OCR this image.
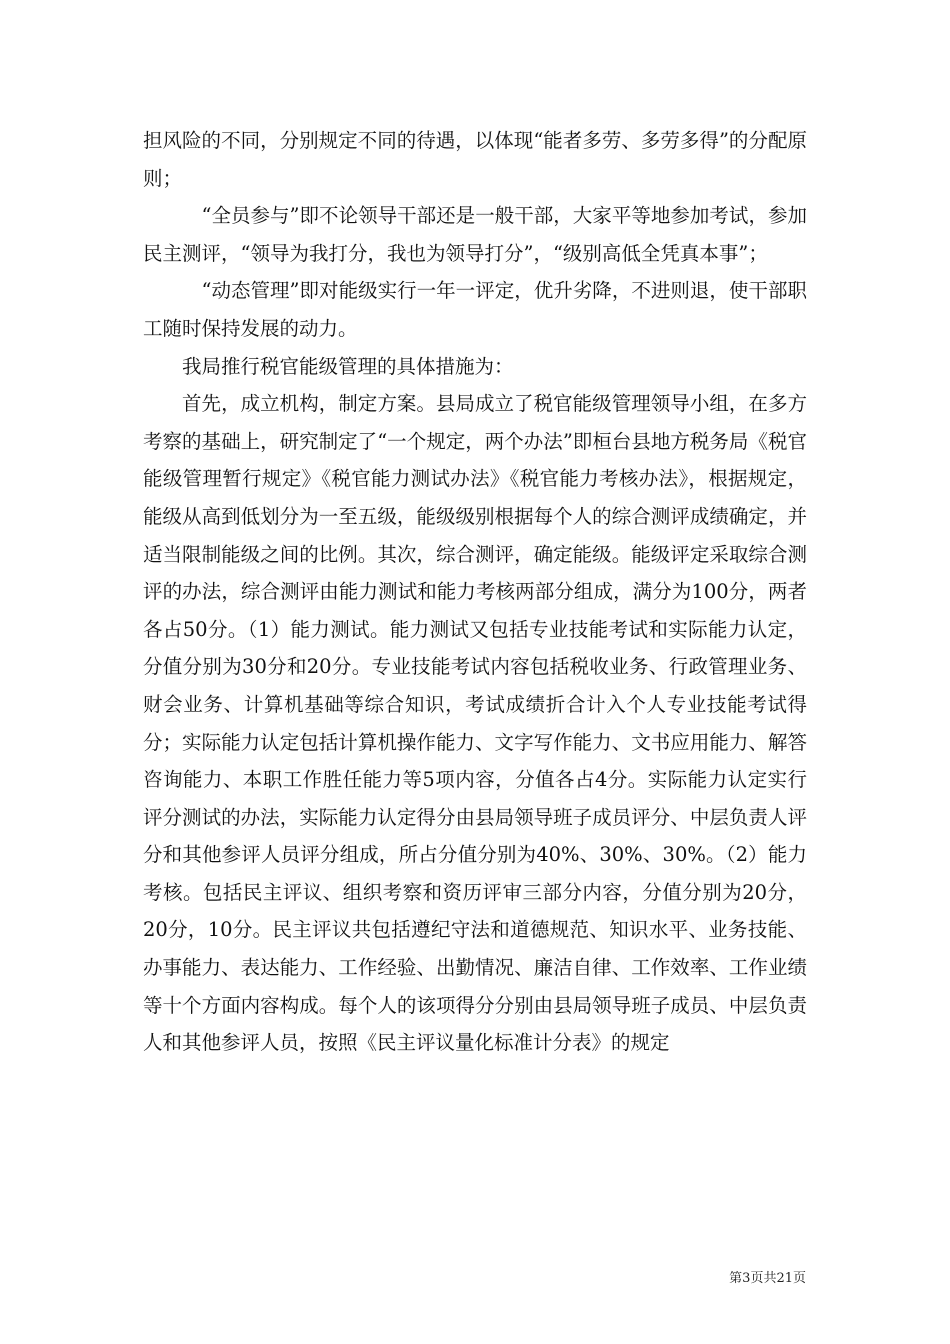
担风险的不同，分别规定不同的待遇，以体现“能者多劳、多劳多得”的分配原则；

“全员参与”即不论领导干部还是一般干部，大家平等地参加考试，参加民主测评，“领导为我打分，我也为领导打分”，“级别高低全凭真本事”；

“动态管理”即对能级实行一年一评定，优升劣降，不进则退，使干部职工随时保持发展的动力。

我局推行税官能级管理的具体措施为：

首先，成立机构，制定方案。县局成立了税官能级管理领导小组，在多方考察的基础上，研究制定了“一个规定，两个办法”即桓台县地方税务局《税官能级管理暂行规定》《税官能力测试办法》《税官能力考核办法》，根据规定，能级从高到低划分为一至五级，能级级别根据每个人的综合测评成绩确定，并适当限制能级之间的比例。其次，综合测评，确定能级。能级评定采取综合测评的办法，综合测评由能力测试和能力考核两部分组成，满分为100分，两者各占50分。（1）能力测试。能力测试又包括专业技能考试和实际能力认定，分值分别为30分和20分。专业技能考试内容包括税收业务、行政管理业务、财会业务、计算机基础等综合知识，考试成绩折合计入个人专业技能考试得分；实际能力认定包括计算机操作能力、文字写作能力、文书应用能力、解答咨询能力、本职工作胜任能力等5项内容，分值各占4分。实际能力认定实行评分测试的办法，实际能力认定得分由县局领导班子成员评分、中层负责人评分和其他参评人员评分组成，所占分值分别为40%、30%、30%。（2）能力考核。包括民主评议、组织考察和资历评审三部分内容，分值分别为20分，20分，10分。民主评议共包括遵纪守法和道德规范、知识水平、业务技能、办事能力、表达能力、工作经验、出勤情况、廉洁自律、工作效率、工作业绩等十个方面内容构成。每个人的该项得分分别由县局领导班子成员、中层负责人和其他参评人员，按照《民主评议量化标准计分表》的规定

第3页共21页
